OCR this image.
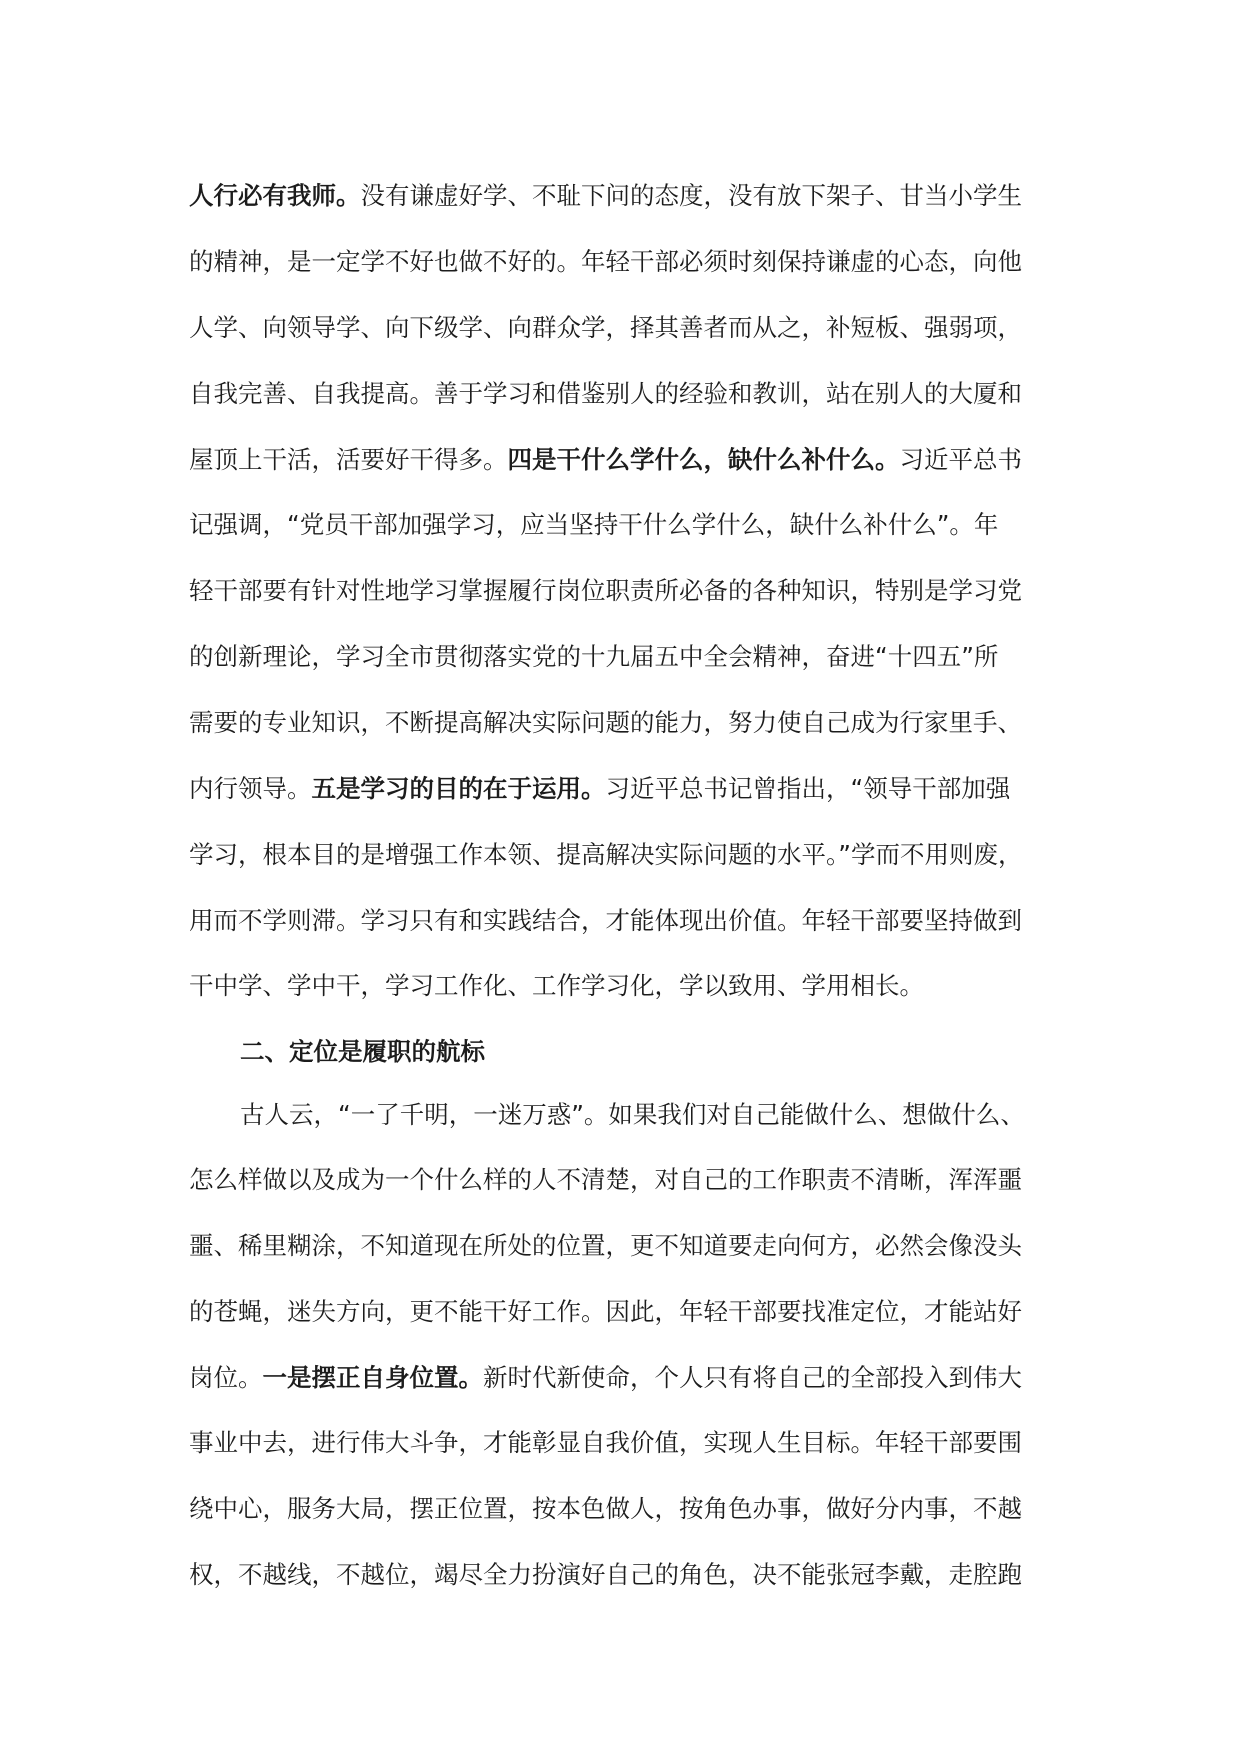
人行必有我师。没有谦虚好学、不耻下问的态度，没有放下架子、甘当小学生
的精神，是一定学不好也做不好的。年轻干部必须时刻保持谦虚的心态，向他
人学、向领导学、向下级学、向群众学，择其善者而从之，补短板、强弱项，
自我完善、自我提高。善于学习和借鉴别人的经验和教训，站在别人的大厦和
屋顶上干活，活要好干得多。四是干什么学什么，缺什么补什么。习近平总书
记强调，“党员干部加强学习，应当坚持干什么学什么，缺什么补什么”。年
轻干部要有针对性地学习掌握履行岗位职责所必备的各种知识，特别是学习党
的创新理论，学习全市贯彻落实党的十九届五中全会精神，奋进“十四五”所
需要的专业知识，不断提高解决实际问题的能力，努力使自己成为行家里手、
内行领导。五是学习的目的在于运用。习近平总书记曾指出，“领导干部加强
学习，根本目的是增强工作本领、提高解决实际问题的水平。”学而不用则废，
用而不学则滞。学习只有和实践结合，才能体现出价值。年轻干部要坚持做到
干中学、学中干，学习工作化、工作学习化，学以致用、学用相长。
二、定位是履职的航标
古人云，“一了千明，一迷万惑”。如果我们对自己能做什么、想做什么、
怎么样做以及成为一个什么样的人不清楚，对自己的工作职责不清晰，浑浑噩
噩、稀里糊涂，不知道现在所处的位置，更不知道要走向何方，必然会像没头
的苍蝇，迷失方向，更不能干好工作。因此，年轻干部要找准定位，才能站好
岗位。一是摆正自身位置。新时代新使命，个人只有将自己的全部投入到伟大
事业中去，进行伟大斗争，才能彰显自我价值，实现人生目标。年轻干部要围
绕中心，服务大局，摆正位置，按本色做人，按角色办事，做好分内事，不越
权，不越线，不越位，竭尽全力扮演好自己的角色，决不能张冠李戴，走腔跑
